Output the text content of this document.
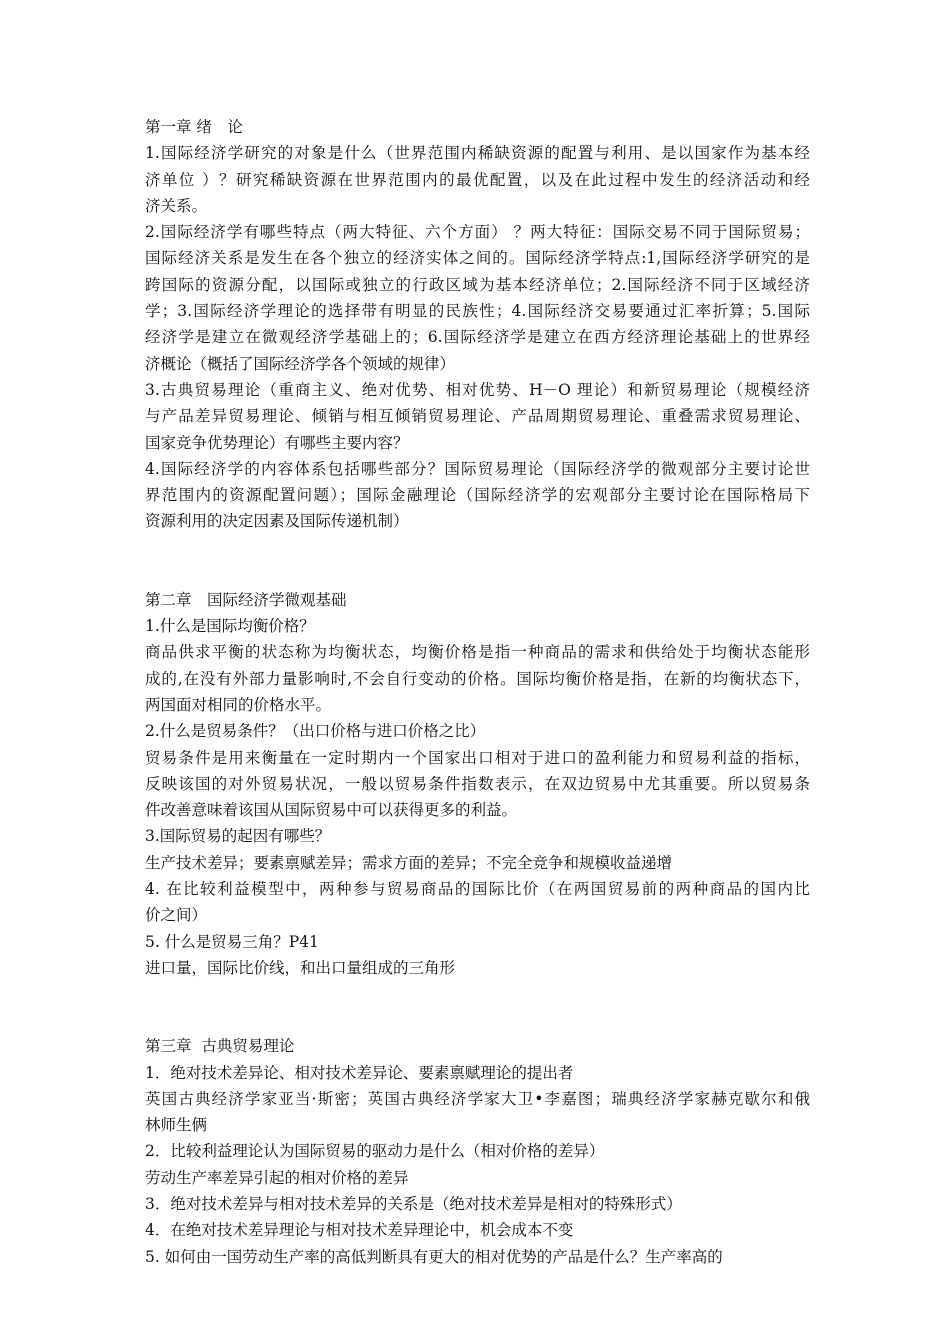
第一章 绪　论
1.国际经济学研究的对象是什么（世界范围内稀缺资源的配置与利用、是以国家作为基本经
济单位 ）？研究稀缺资源在世界范围内的最优配置，以及在此过程中发生的经济活动和经
济关系。
2.国际经济学有哪些特点（两大特征、六个方面） ？两大特征：国际交易不同于国际贸易；
国际经济关系是发生在各个独立的经济实体之间的。国际经济学特点:1,国际经济学研究的是
跨国际的资源分配，以国际或独立的行政区域为基本经济单位；2.国际经济不同于区域经济
学；3.国际经济学理论的选择带有明显的民族性；4.国际经济交易要通过汇率折算；5.国际
经济学是建立在微观经济学基础上的；6.国际经济学是建立在西方经济理论基础上的世界经
济概论（概括了国际经济学各个领域的规律）
3.古典贸易理论（重商主义、绝对优势、相对优势、H－O 理论）和新贸易理论（规模经济
与产品差异贸易理论、倾销与相互倾销贸易理论、产品周期贸易理论、重叠需求贸易理论、
国家竞争优势理论）有哪些主要内容？
4.国际经济学的内容体系包括哪些部分？国际贸易理论（国际经济学的微观部分主要讨论世
界范围内的资源配置问题）；国际金融理论（国际经济学的宏观部分主要讨论在国际格局下
资源利用的决定因素及国际传递机制）
第二章　国际经济学微观基础
1.什么是国际均衡价格？
商品供求平衡的状态称为均衡状态，均衡价格是指一种商品的需求和供给处于均衡状态能形
成的,在没有外部力量影响时,不会自行变动的价格。国际均衡价格是指，在新的均衡状态下，
两国面对相同的价格水平。
2.什么是贸易条件？（出口价格与进口价格之比）
贸易条件是用来衡量在一定时期内一个国家出口相对于进口的盈利能力和贸易利益的指标，
反映该国的对外贸易状况，一般以贸易条件指数表示，在双边贸易中尤其重要。所以贸易条
件改善意味着该国从国际贸易中可以获得更多的利益。
3.国际贸易的起因有哪些？
生产技术差异；要素禀赋差异；需求方面的差异；不完全竞争和规模收益递增
4. 在比较利益模型中，两种参与贸易商品的国际比价（在两国贸易前的两种商品的国内比
价之间）
5. 什么是贸易三角？P41
进口量，国际比价线，和出口量组成的三角形
第三章  古典贸易理论
1．绝对技术差异论、相对技术差异论、要素禀赋理论的提出者
英国古典经济学家亚当·斯密；英国古典经济学家大卫•李嘉图；瑞典经济学家赫克歇尔和俄
林师生俩
2．比较利益理论认为国际贸易的驱动力是什么（相对价格的差异）
劳动生产率差异引起的相对价格的差异
3．绝对技术差异与相对技术差异的关系是（绝对技术差异是相对的特殊形式）
4．在绝对技术差异理论与相对技术差异理论中，机会成本不变
5. 如何由一国劳动生产率的高低判断具有更大的相对优势的产品是什么？生产率高的
